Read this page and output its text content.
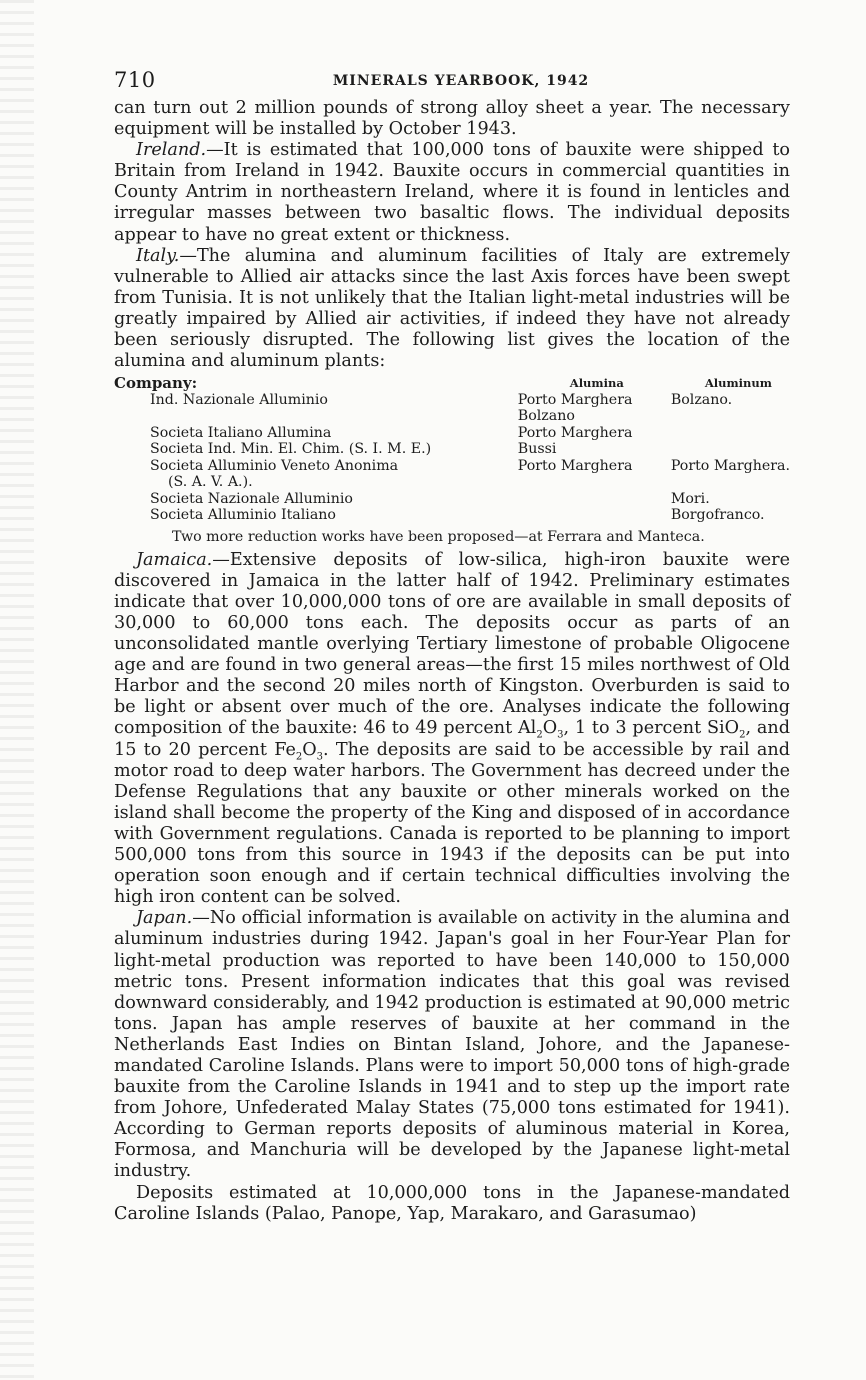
710	MINERALS YEARBOOK, 1942

can turn out 2 million pounds of strong alloy sheet a year. The necessary equipment will be installed by October 1943.

Ireland.—It is estimated that 100,000 tons of bauxite were shipped to Britain from Ireland in 1942. Bauxite occurs in commercial quantities in County Antrim in northeastern Ireland, where it is found in lenticles and irregular masses between two basaltic flows. The individual deposits appear to have no great extent or thickness.

Italy.—The alumina and aluminum facilities of Italy are extremely vulnerable to Allied air attacks since the last Axis forces have been swept from Tunisia. It is not unlikely that the Italian light-metal industries will be greatly impaired by Allied air activities, if indeed they have not already been seriously disrupted. The following list gives the location of the alumina and aluminum plants:

Company:	Alumina	Aluminum
Ind. Nazionale Alluminio	Porto Marghera	Bolzano.
	Bolzano	
Societa Italiano Allumina	Porto Marghera	
Societa Ind. Min. El. Chim. (S. I. M. E.)	Bussi	
Societa Alluminio Veneto Anonima	Porto Marghera	Porto Marghera.
(S. A. V. A.).		
Societa Nazionale Alluminio		Mori.
Societa Alluminio Italiano		Borgofranco.

Two more reduction works have been proposed—at Ferrara and Manteca.

Jamaica.—Extensive deposits of low-silica, high-iron bauxite were discovered in Jamaica in the latter half of 1942. Preliminary estimates indicate that over 10,000,000 tons of ore are available in small deposits of 30,000 to 60,000 tons each. The deposits occur as parts of an unconsolidated mantle overlying Tertiary limestone of probable Oligocene age and are found in two general areas—the first 15 miles northwest of Old Harbor and the second 20 miles north of Kingston. Overburden is said to be light or absent over much of the ore. Analyses indicate the following composition of the bauxite: 46 to 49 percent $Al_2O_3$, 1 to 3 percent SiO$_2$, and 15 to 20 percent $Fe_2O_3$. The deposits are said to be accessible by rail and motor road to deep water harbors. The Government has decreed under the Defense Regulations that any bauxite or other minerals worked on the island shall become the property of the King and disposed of in accordance with Government regulations. Canada is reported to be planning to import 500,000 tons from this source in 1943 if the deposits can be put into operation soon enough and if certain technical difficulties involving the high iron content can be solved.

Japan.—No official information is available on activity in the alumina and aluminum industries during 1942. Japan's goal in her Four-Year Plan for light-metal production was reported to have been 140,000 to 150,000 metric tons. Present information indicates that this goal was revised downward considerably, and 1942 production is estimated at 90,000 metric tons. Japan has ample reserves of bauxite at her command in the Netherlands East Indies on Bintan Island, Johore, and the Japanese-mandated Caroline Islands. Plans were to import 50,000 tons of high-grade bauxite from the Caroline Islands in 1941 and to step up the import rate from Johore, Unfederated Malay States (75,000 tons estimated for 1941). According to German reports deposits of aluminous material in Korea, Formosa, and Manchuria will be developed by the Japanese light-metal industry.

Deposits estimated at 10,000,000 tons in the Japanese-mandated Caroline Islands (Palao, Panope, Yap, Marakaro, and Garasumao)
